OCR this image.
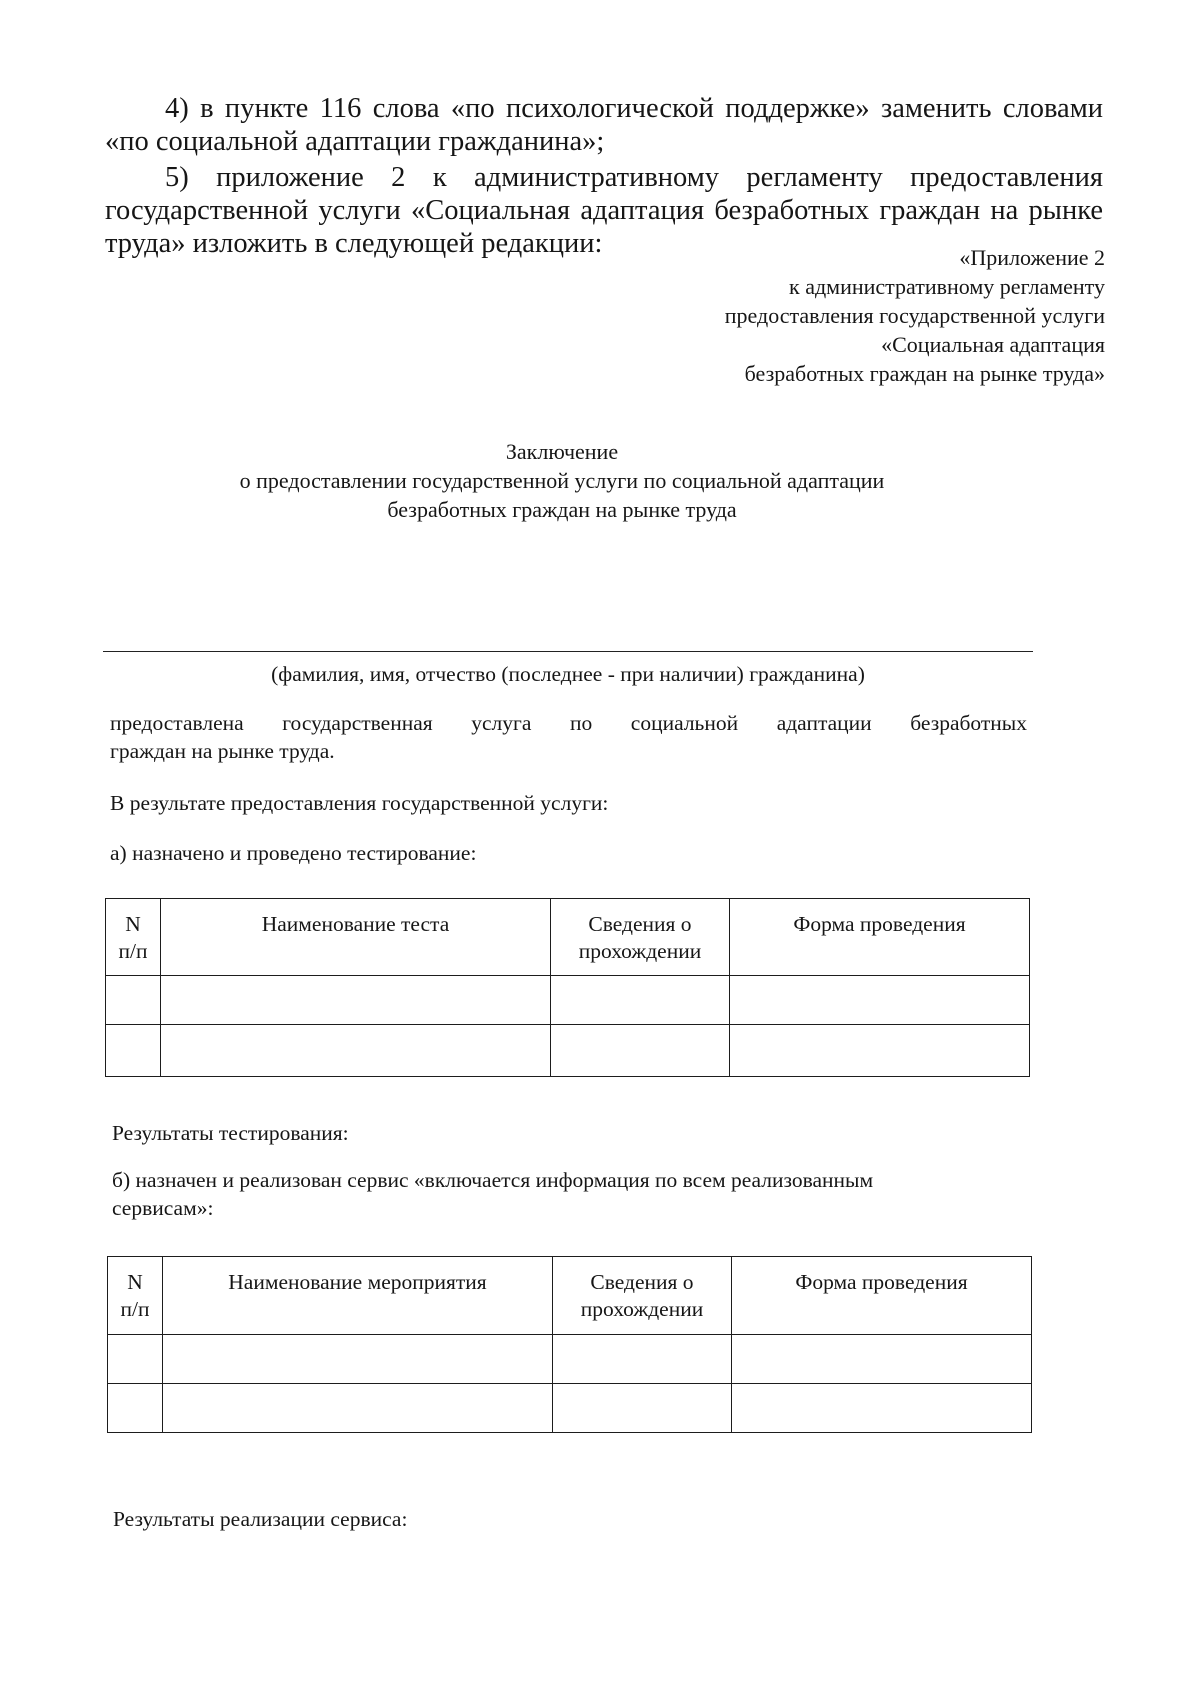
4) в пункте 116 слова «по психологической поддержке» заменить словами
«по социальной адаптации гражданина»;
5) приложение 2 к административному регламенту предоставления
государственной услуги «Социальная адаптация безработных граждан на рынке
труда» изложить в следующей редакции:	«Приложение 2
к административному регламенту
предоставления государственной услуги
«Социальная адаптация
безработных граждан на рынке труда»
Заключение
о предоставлении государственной услуги по социальной адаптации
безработных граждан на рынке труда
(фамилия, имя, отчество (последнее - при наличии) гражданина)
предоставлена государственная услуга по социальной адаптации безработных
граждан на рынке труда.
В результате предоставления государственной услуги:
а) назначено и проведено тестирование:
N
п/п	Наименование теста	Сведения о прохождении	Форма проведения

Результаты тестирования:
б) назначен и реализован сервис «включается информация по всем реализованным
сервисам»:
N
п/п	Наименование мероприятия	Сведения о прохождении	Форма проведения

Результаты реализации сервиса:
